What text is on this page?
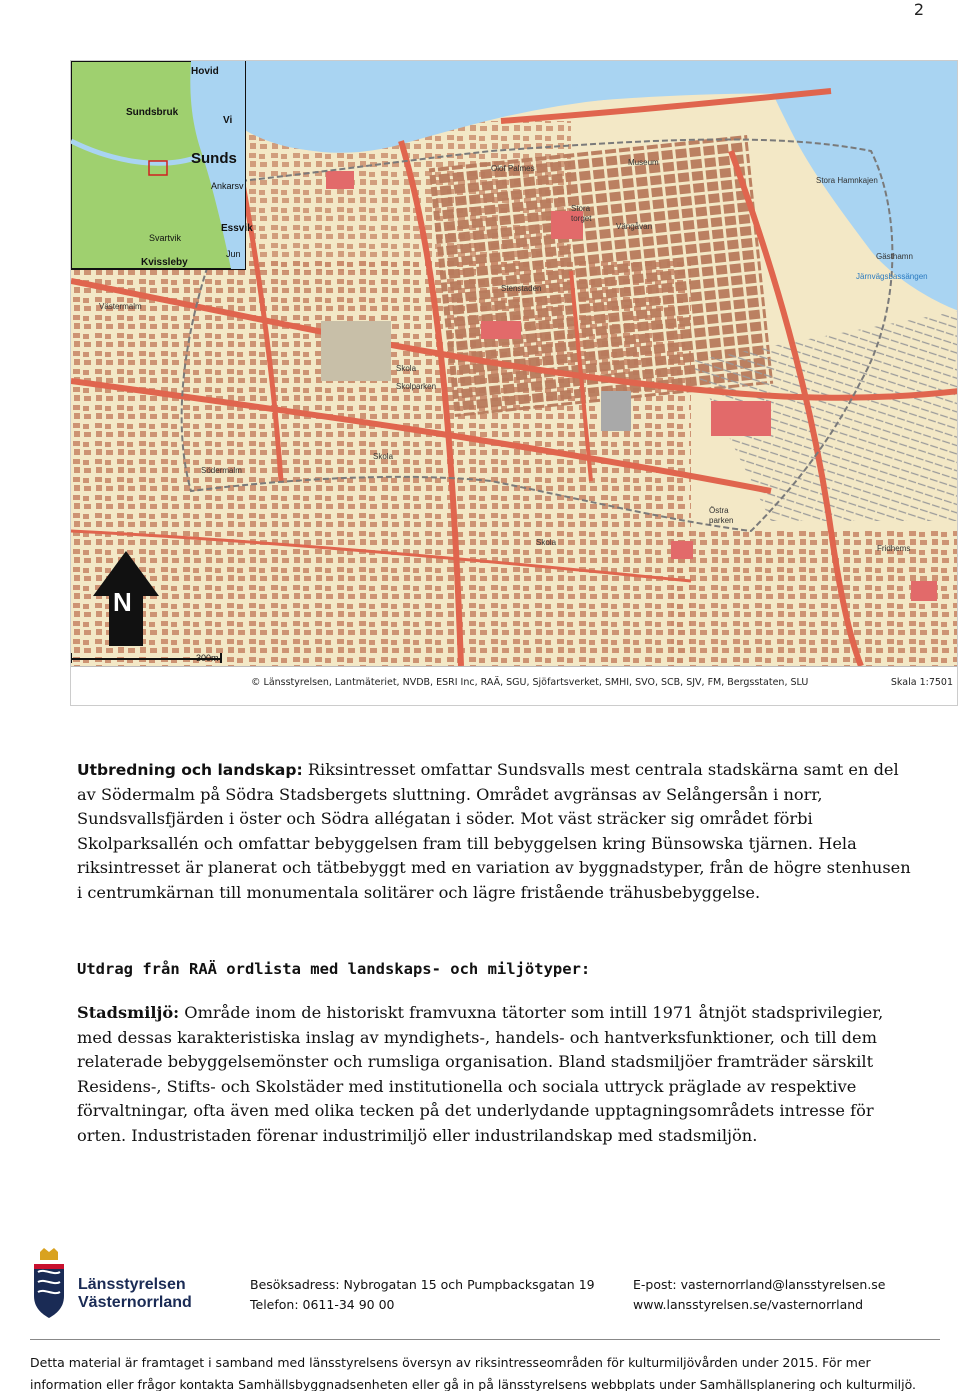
2
Hovid
Sundsbruk
Vi
Sunds
Ankarsv
Essvik
Svartvik
Kvissleby
Jun
Västermalm
Södermalm
Stenstaden
Stora
torget
Skola
Skolparken
Stora Hamnkajen
Järnvägsbassängen
Gästhamn
Östra
parken
Fridhems
Museum
Vängåvan
Olof Palmes
Skola
Skola
N
300m
© Länsstyrelsen, Lantmäteriet, NVDB, ESRI Inc, RAÄ, SGU, Sjöfartsverket, SMHI, SVO, SCB, SJV, FM, Bergsstaten, SLU	Skala 1:7501
Utbredning och landskap: Riksintresset omfattar Sundsvalls mest centrala stadskärna samt en del av Södermalm på Södra Stadsbergets sluttning. Området avgränsas av Selångersån i norr, Sundsvallsfjärden i öster och Södra allégatan i söder. Mot väst sträcker sig området förbi Skolparksallén och omfattar bebyggelsen fram till bebyggelsen kring Bünsowska tjärnen. Hela riksintresset är planerat och tätbebyggt med en variation av byggnadstyper, från de högre stenhusen i centrumkärnan till monumentala solitärer och lägre fristående trähusbebyggelse.
Utdrag från RAÄ ordlista med landskaps- och miljötyper:
Stadsmiljö: Område inom de historiskt framvuxna tätorter som intill 1971 åtnjöt stadsprivilegier, med dessas karakteristiska inslag av myndighets-, handels- och hantverksfunktioner, och till dem relaterade bebyggelsemönster och rumsliga organisation. Bland stadsmiljöer framträder särskilt Residens-, Stifts- och Skolstäder med institutionella och sociala uttryck präglade av respektive förvaltningar, ofta även med olika tecken på det underlydande upptagningsområdets intresse för orten. Industristaden förenar industrimiljö eller industrilandskap med stadsmiljön.
Länsstyrelsen
Västernorrland
Besöksadress: Nybrogatan 15 och Pumpbacksgatan 19
Telefon: 0611-34 90 00
E-post: vasternorrland@lansstyrelsen.se
www.lansstyrelsen.se/vasternorrland
Detta material är framtaget i samband med länsstyrelsens översyn av riksintresseområden för kulturmiljövården under 2015. För mer information eller frågor kontakta Samhällsbyggnadsenheten eller gå in på länsstyrelsens webbplats under Samhällsplanering och kulturmiljö.
